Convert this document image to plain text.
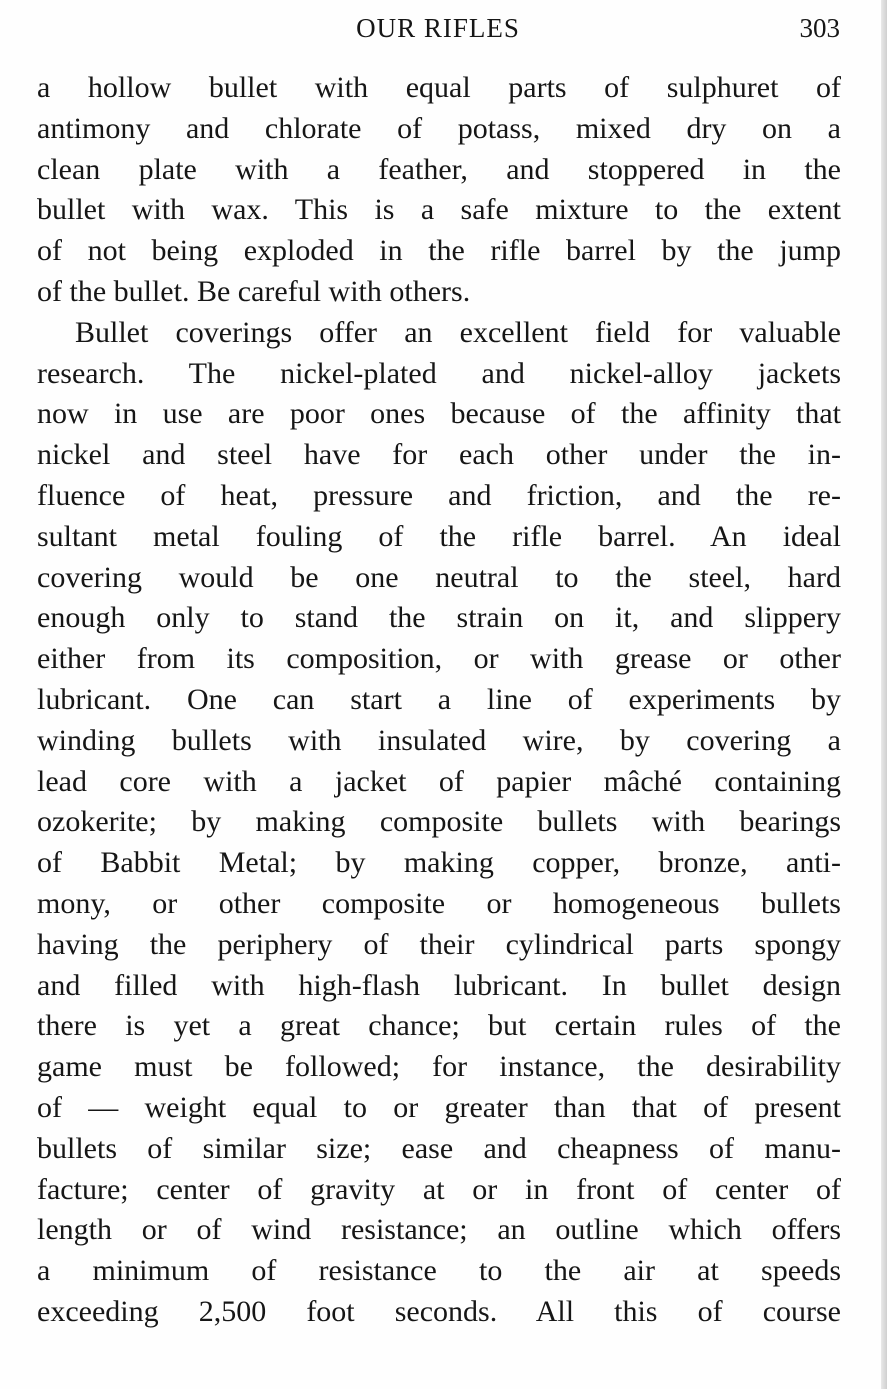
OUR RIFLES	303
a hollow bullet with equal parts of sulphuret of
antimony and chlorate of potass, mixed dry on a
clean plate with a feather, and stoppered in the
bullet with wax. This is a safe mixture to the extent
of not being exploded in the rifle barrel by the jump
of the bullet. Be careful with others.
Bullet coverings offer an excellent field for valuable
research. The nickel-plated and nickel-alloy jackets
now in use are poor ones because of the affinity that
nickel and steel have for each other under the in-
fluence of heat, pressure and friction, and the re-
sultant metal fouling of the rifle barrel. An ideal
covering would be one neutral to the steel, hard
enough only to stand the strain on it, and slippery
either from its composition, or with grease or other
lubricant. One can start a line of experiments by
winding bullets with insulated wire, by covering a
lead core with a jacket of papier mâché containing
ozokerite; by making composite bullets with bearings
of Babbit Metal; by making copper, bronze, anti-
mony, or other composite or homogeneous bullets
having the periphery of their cylindrical parts spongy
and filled with high-flash lubricant. In bullet design
there is yet a great chance; but certain rules of the
game must be followed; for instance, the desirability
of — weight equal to or greater than that of present
bullets of similar size; ease and cheapness of manu-
facture; center of gravity at or in front of center of
length or of wind resistance; an outline which offers
a minimum of resistance to the air at speeds
exceeding 2,500 foot seconds. All this of course
